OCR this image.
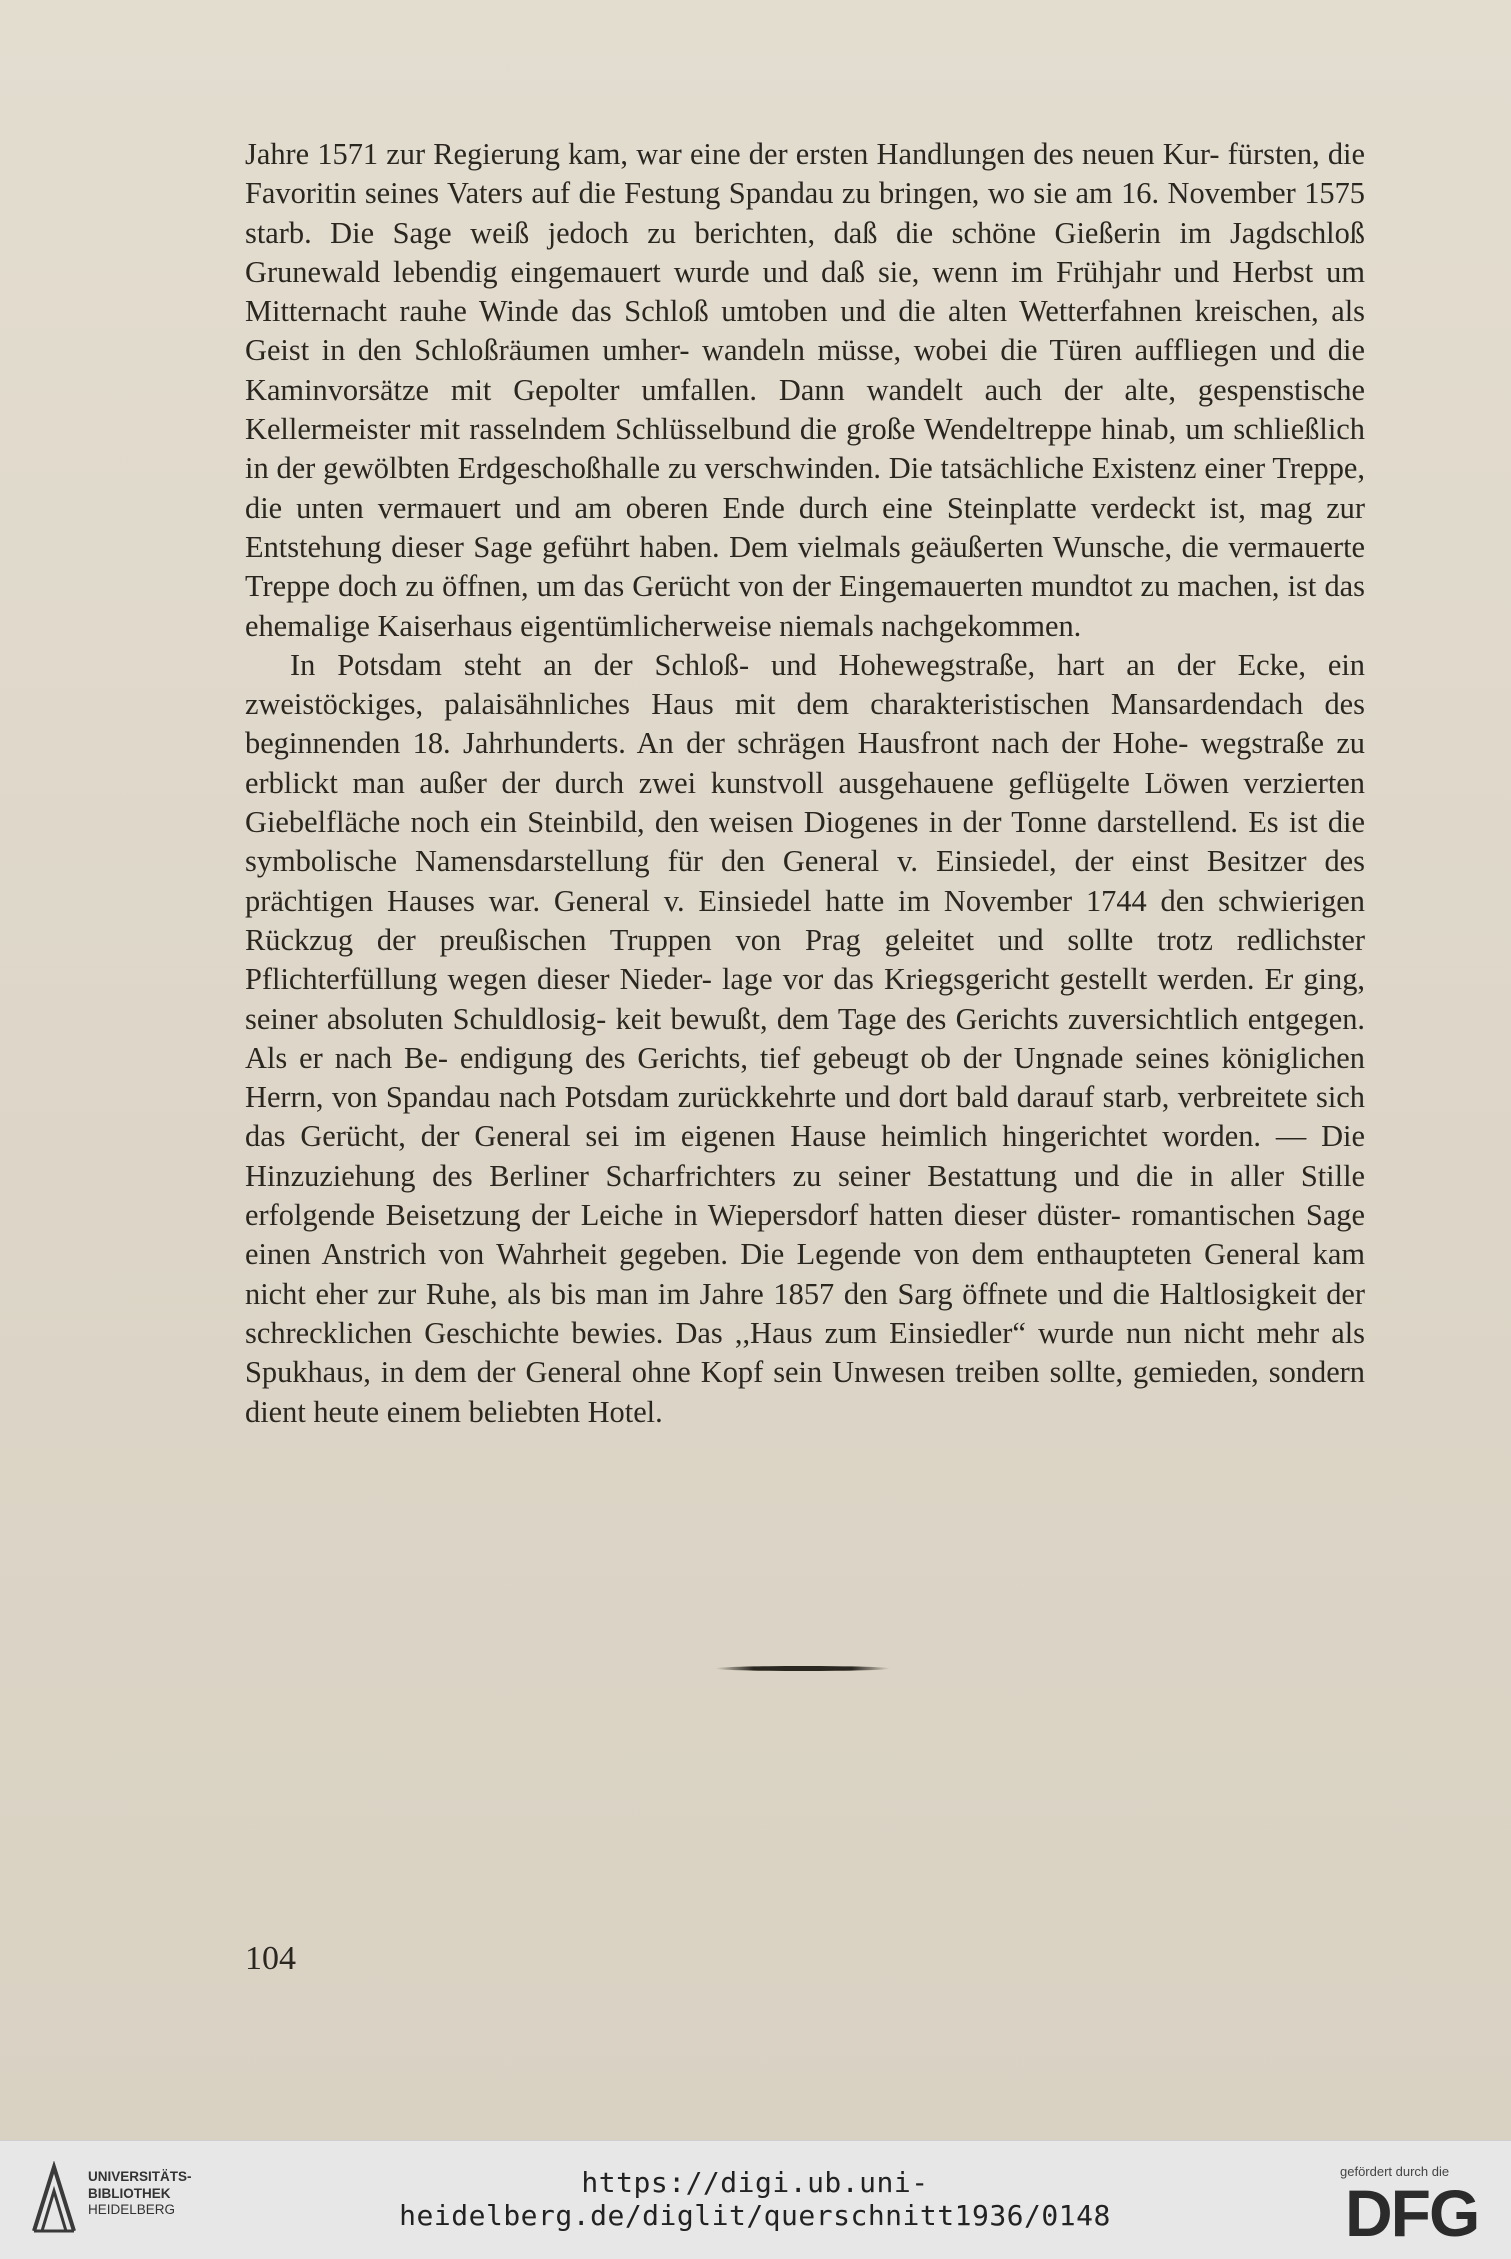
Jahre 1571 zur Regierung kam, war eine der ersten Handlungen des neuen Kur- fürsten, die Favoritin seines Vaters auf die Festung Spandau zu bringen, wo sie am 16. November 1575 starb. Die Sage weiß jedoch zu berichten, daß die schöne Gießerin im Jagdschloß Grunewald lebendig eingemauert wurde und daß sie, wenn im Frühjahr und Herbst um Mitternacht rauhe Winde das Schloß umtoben und die alten Wetterfahnen kreischen, als Geist in den Schloßräumen umher- wandeln müsse, wobei die Türen auffliegen und die Kaminvorsätze mit Gepolter umfallen. Dann wandelt auch der alte, gespenstische Kellermeister mit rasselndem Schlüsselbund die große Wendeltreppe hinab, um schließlich in der gewölbten Erdgeschoßhalle zu verschwinden. Die tatsächliche Existenz einer Treppe, die unten vermauert und am oberen Ende durch eine Steinplatte verdeckt ist, mag zur Entstehung dieser Sage geführt haben. Dem vielmals geäußerten Wunsche, die vermauerte Treppe doch zu öffnen, um das Gerücht von der Eingemauerten mundtot zu machen, ist das ehemalige Kaiserhaus eigentümlicherweise niemals nachgekommen.

In Potsdam steht an der Schloß- und Hohewegstraße, hart an der Ecke, ein zweistöckiges, palaisähnliches Haus mit dem charakteristischen Mansardendach des beginnenden 18. Jahrhunderts. An der schrägen Hausfront nach der Hohe- wegstraße zu erblickt man außer der durch zwei kunstvoll ausgehauene geflügelte Löwen verzierten Giebelfläche noch ein Steinbild, den weisen Diogenes in der Tonne darstellend. Es ist die symbolische Namensdarstellung für den General v. Einsiedel, der einst Besitzer des prächtigen Hauses war. General v. Einsiedel hatte im November 1744 den schwierigen Rückzug der preußischen Truppen von Prag geleitet und sollte trotz redlichster Pflichterfüllung wegen dieser Nieder- lage vor das Kriegsgericht gestellt werden. Er ging, seiner absoluten Schuldlosig- keit bewußt, dem Tage des Gerichts zuversichtlich entgegen. Als er nach Be- endigung des Gerichts, tief gebeugt ob der Ungnade seines königlichen Herrn, von Spandau nach Potsdam zurückkehrte und dort bald darauf starb, verbreitete sich das Gerücht, der General sei im eigenen Hause heimlich hingerichtet worden. — Die Hinzuziehung des Berliner Scharfrichters zu seiner Bestattung und die in aller Stille erfolgende Beisetzung der Leiche in Wiepersdorf hatten dieser düster- romantischen Sage einen Anstrich von Wahrheit gegeben. Die Legende von dem enthaupteten General kam nicht eher zur Ruhe, als bis man im Jahre 1857 den Sarg öffnete und die Haltlosigkeit der schrecklichen Geschichte bewies. Das ,,Haus zum Einsiedler“ wurde nun nicht mehr als Spukhaus, in dem der General ohne Kopf sein Unwesen treiben sollte, gemieden, sondern dient heute einem beliebten Hotel.

104
UNIVERSITÄTS-
BIBLIOTHEK
HEIDELBERG
https://digi.ub.uni-heidelberg.de/diglit/querschnitt1936/0148
gefördert durch die
DFG
